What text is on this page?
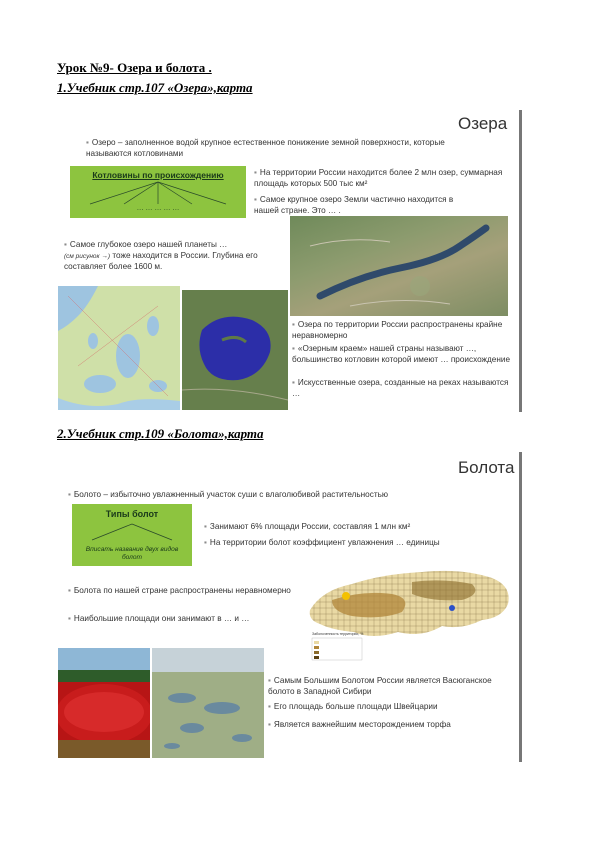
Урок №9- Озера и болота .
1.Учебник стр.107 «Озера»,карта
2.Учебник стр.109 «Болота»,карта
Озера
▪ Озеро – заполненное водой крупное естественное понижение земной поверхности, которые называются котловинами
Котловины по происхождению
… … … … …
▪ На территории России находится более 2 млн озер, суммарная площадь которых 500 тыс км²
▪ Самое крупное озеро Земли частично находится в нашей стране. Это … .
▪ Самое глубокое озеро нашей планеты …
(см рисунок →) тоже находится в России. Глубина его составляет более 1600 м.
▪ Озера по территории России распространены крайне неравномерно
▪ «Озерным краем» нашей страны называют …, большинство котловин которой имеют … происхождение
▪ Искусственные озера, созданные на реках называются …
Болота
▪ Болото – избыточно увлажненный участок суши с влаголюбивой растительностью
Типы болот
Вписать название двух видов болот
▪ Занимают 6% площади России, составляя 1 млн км²
▪ На территории болот коэффициент увлажнения … единицы
▪ Болота по нашей стране распространены неравномерно
▪ Наибольшие площади они занимают в … и …
Заболоченность территории, %
▪ Самым Большим Болотом России является Васюганское болото в Западной Сибири
▪ Его площадь больше площади Швейцарии
▪ Является важнейшим месторождением торфа
